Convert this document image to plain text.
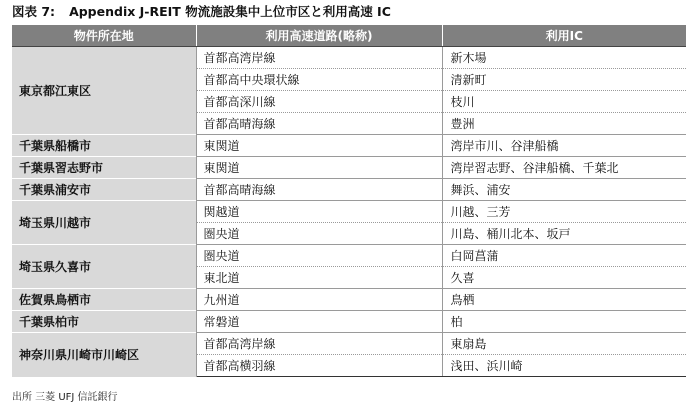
図表 7: Appendix J-REIT 物流施設集中上位市区と利用高速 IC
物件所在地	利用高速道路(略称)	利用IC
東京都江東区	首都高湾岸線	新木場
	首都高中央環状線	清新町
	首都高深川線	枝川
	首都高晴海線	豊洲
千葉県船橋市	東関道	湾岸市川、谷津船橋
千葉県習志野市	東関道	湾岸習志野、谷津船橋、千葉北
千葉県浦安市	首都高晴海線	舞浜、浦安
埼玉県川越市	関越道	川越、三芳
	圏央道	川島、桶川北本、坂戸
埼玉県久喜市	圏央道	白岡菖蒲
	東北道	久喜
佐賀県鳥栖市	九州道	鳥栖
千葉県柏市	常磐道	柏
神奈川県川崎市川崎区	首都高湾岸線	東扇島
	首都高横羽線	浅田、浜川崎
出所 三菱 UFJ 信託銀行
